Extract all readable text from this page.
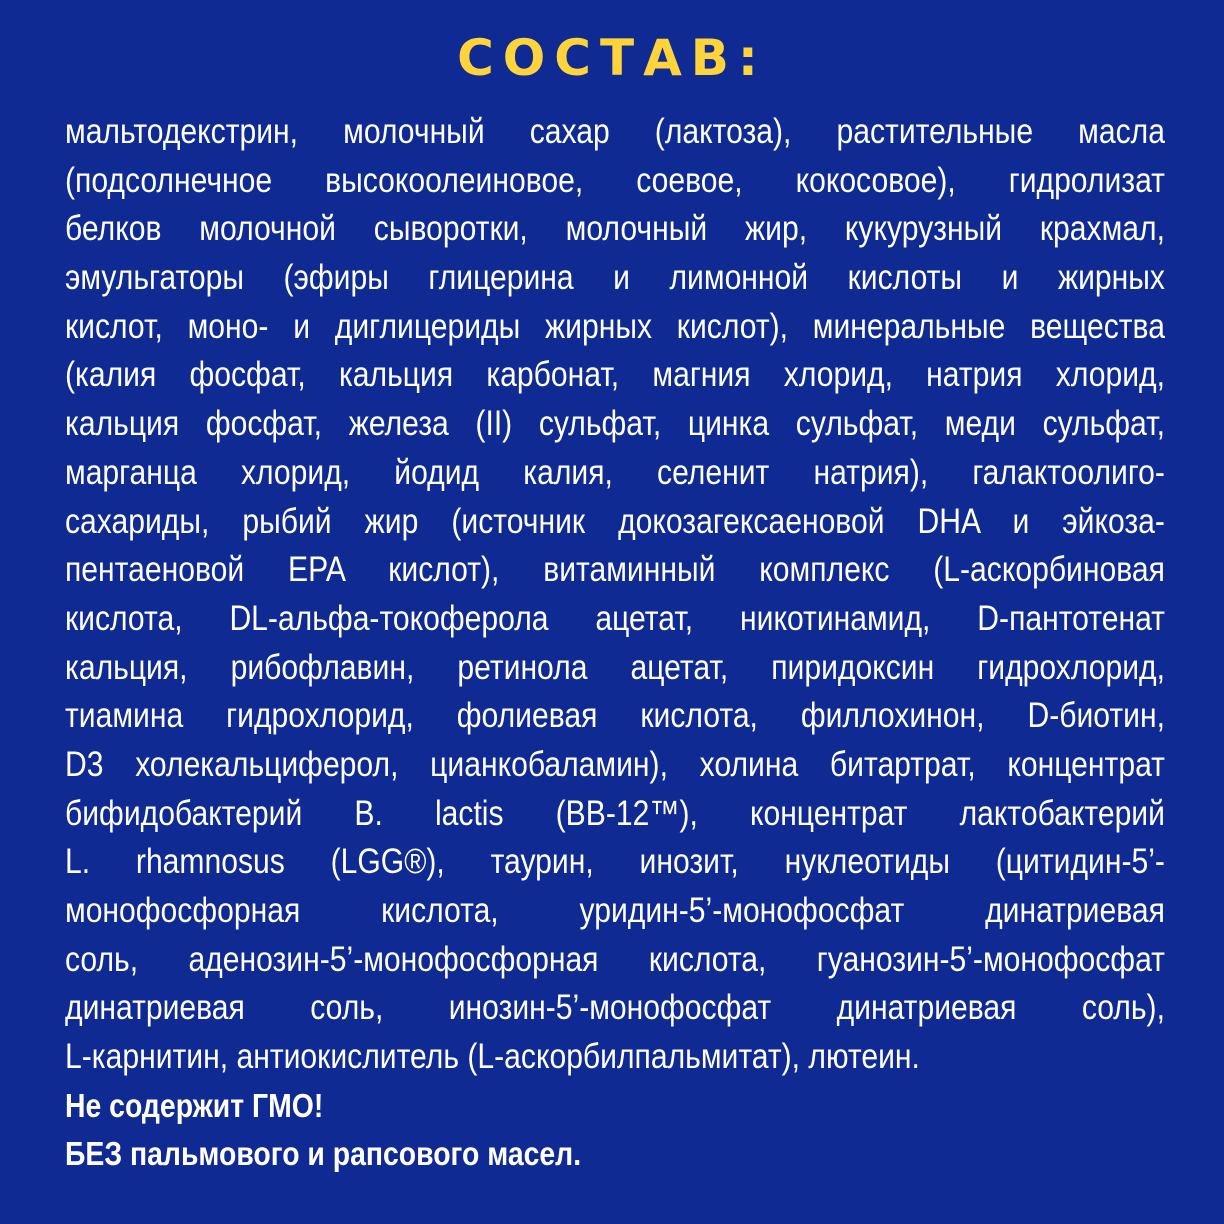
СОСТАВ:
мальтодекстрин, молочный сахар (лактоза), растительные масла
(подсолнечное высокоолеиновое, соевое, кокосовое), гидролизат
белков молочной сыворотки, молочный жир, кукурузный крахмал,
эмульгаторы (эфиры глицерина и лимонной кислоты и жирных
кислот, моно- и диглицериды жирных кислот), минеральные вещества
(калия фосфат, кальция карбонат, магния хлорид, натрия хлорид,
кальция фосфат, железа (II) сульфат, цинка сульфат, меди сульфат,
марганца хлорид, йодид калия, селенит натрия), галактоолиго-
сахариды, рыбий жир (источник докозагексаеновой DHA и эйкоза-
пентаеновой EPA кислот), витаминный комплекс (L-аскорбиновая
кислота, DL-альфа-токоферола ацетат, никотинамид, D-пантотенат
кальция, рибофлавин, ретинола ацетат, пиридоксин гидрохлорид,
тиамина гидрохлорид, фолиевая кислота, филлохинон, D-биотин,
D3 холекальциферол, цианкобаламин), холина битартрат, концентрат
бифидобактерий B. lactis (BB-12™), концентрат лактобактерий
L. rhamnosus (LGG®), таурин, инозит, нуклеотиды (цитидин-5’-
монофосфорная кислота, уридин-5’-монофосфат динатриевая
соль, аденозин-5’-монофосфорная кислота, гуанозин-5’-монофосфат
динатриевая соль, инозин-5’-монофосфат динатриевая соль),
L-карнитин, антиокислитель (L-аскорбилпальмитат), лютеин.
Не содержит ГМО!
БЕЗ пальмового и рапсового масел.
